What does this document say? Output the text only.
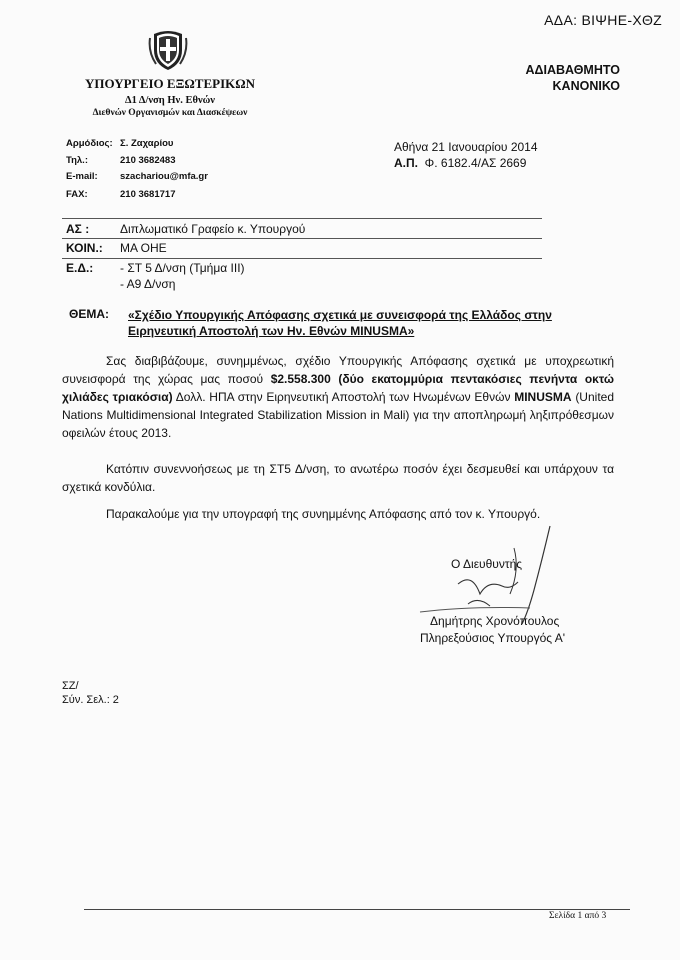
ΑΔΑ: ΒΙΨΗΕ-ΧΘΖ
ΥΠΟΥΡΓΕΙΟ ΕΞΩΤΕΡΙΚΩΝ
Δ1 Δ/νση Ην. Εθνών
Διεθνών Οργανισμών και Διασκέψεων
ΑΔΙΑΒΑΘΜΗΤΟ
ΚΑΝΟΝΙΚΟ
Αρμόδιος: Σ. Ζαχαρίου
Τηλ.:	210 3682483
E-mail: szachariou@mfa.gr
FAX:	210 3681717
Αθήνα 21 Ιανουαρίου 2014
Α.Π. Φ. 6182.4/ΑΣ 2669
ΑΣ :	Διπλωματικό Γραφείο κ. Υπουργού
ΚΟΙΝ.: ΜΑ ΟΗΕ
Ε.Δ.: - ΣΤ 5 Δ/νση (Τμήμα ΙΙΙ)
- Α9 Δ/νση
ΘΕΜΑ: «Σχέδιο Υπουργικής Απόφασης σχετικά με συνεισφορά της Ελλάδος στην
Ειρηνευτική Αποστολή των Ην. Εθνών MINUSMA»
Σας διαβιβάζουμε, συνημμένως, σχέδιο Υπουργικής Απόφασης σχετικά με υποχρεωτική συνεισφορά της χώρας μας ποσού $2.558.300 (δύο εκατομμύρια πεντακόσιες πενήντα οκτώ χιλιάδες τριακόσια) Δολλ. ΗΠΑ στην Ειρηνευτική Αποστολή των Ηνωμένων Εθνών MINUSMA (United Nations Multidimensional Integrated Stabilization Mission in Mali) για την αποπληρωμή ληξιπρόθεσμων οφειλών έτους 2013.
Κατόπιν συνεννοήσεως με τη ΣΤ5 Δ/νση, το ανωτέρω ποσόν έχει δεσμευθεί και υπάρχουν τα σχετικά κονδύλια.
Παρακαλούμε για την υπογραφή της συνημμένης Απόφασης από τον κ. Υπουργό.
Ο Διευθυντής
Δημήτρης Χρονόπουλος
Πληρεξούσιος Υπουργός Α'
ΣΖ/
Σύν. Σελ.: 2
Σελίδα 1 από 3
